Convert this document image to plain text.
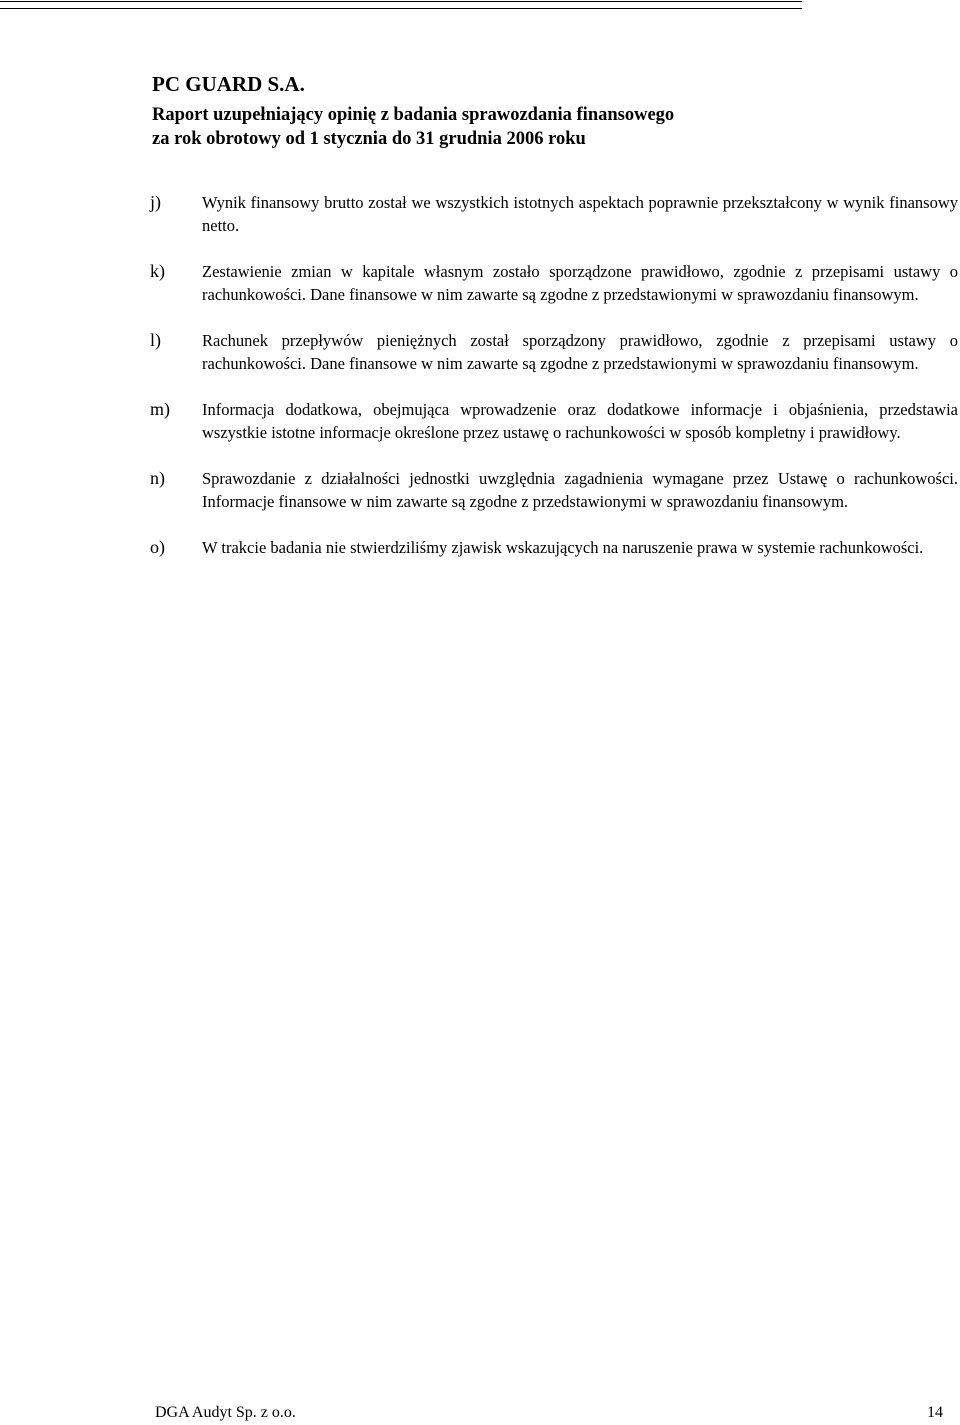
PC GUARD S.A.

Raport uzupełniający opinię z badania sprawozdania finansowego

za rok obrotowy od 1 stycznia do 31 grudnia 2006 roku

j)	Wynik finansowy brutto został we wszystkich istotnych aspektach poprawnie przekształcony w wynik finansowy netto.
k)	Zestawienie zmian w kapitale własnym zostało sporządzone prawidłowo, zgodnie z przepisami ustawy o rachunkowości. Dane finansowe w nim zawarte są zgodne z przedstawionymi w sprawozdaniu finansowym.
l)	Rachunek przepływów pieniężnych został sporządzony prawidłowo, zgodnie z przepisami ustawy o rachunkowości. Dane finansowe w nim zawarte są zgodne z przedstawionymi w sprawozdaniu finansowym.
m)	Informacja dodatkowa, obejmująca wprowadzenie oraz dodatkowe informacje i objaśnienia, przedstawia wszystkie istotne informacje określone przez ustawę o rachunkowości w sposób kompletny i prawidłowy.
n)	Sprawozdanie z działalności jednostki uwzględnia zagadnienia wymagane przez Ustawę o rachunkowości. Informacje finansowe w nim zawarte są zgodne z przedstawionymi w sprawozdaniu finansowym.
o)	W trakcie badania nie stwierdziliśmy zjawisk wskazujących na naruszenie prawa w systemie rachunkowości.
DGA Audyt Sp. z o.o.	14
